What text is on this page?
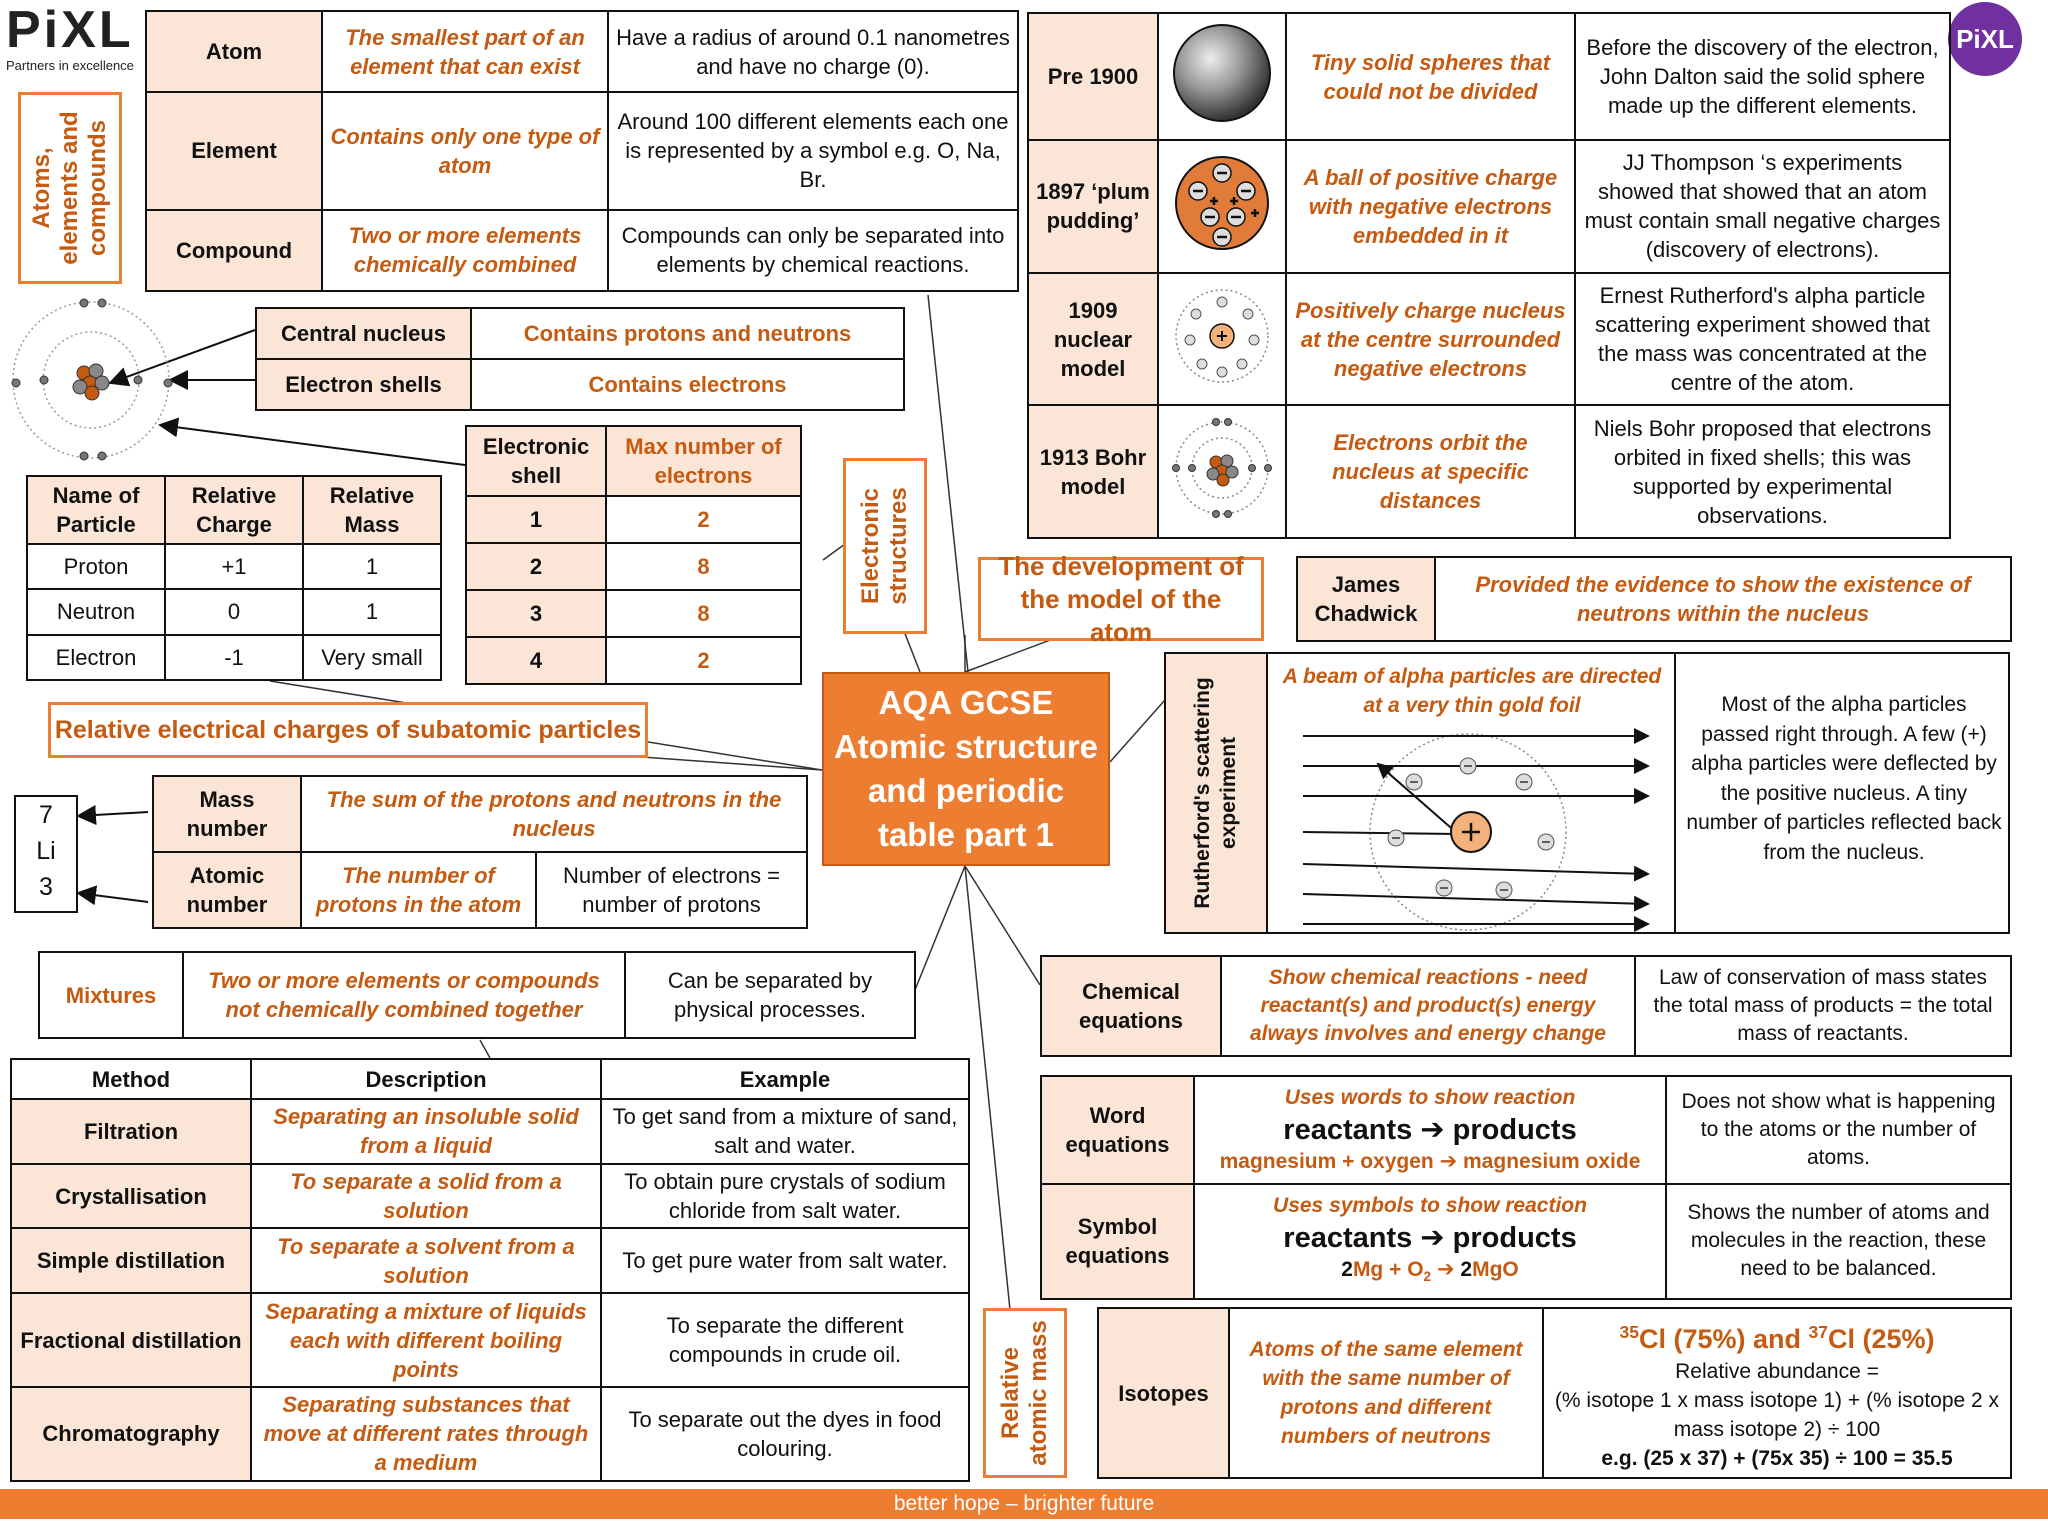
PiXL
Partners in excellence
PiXL
Atoms, elements and compounds
Atom	The smallest part of an element that can exist	Have a radius of around 0.1 nanometres and have no charge (0).
Element	Contains only one type of atom	Around 100 different elements each one is represented by a symbol e.g. O, Na, Br.
Compound	Two or more elements chemically combined	Compounds can only be separated into elements by chemical reactions.
Central nucleus	Contains protons and neutrons
Electron shells	Contains electrons
Name of Particle	Relative Charge	Relative Mass
Proton	+1	1
Neutron	0	1
Electron	-1	Very small
Electronic shell	Max number of electrons
1	2
2	8
3	8
4	2
Electronic structures
Relative electrical charges of subatomic particles
7
Li
3
Mass number	The sum of the protons and neutrons in the nucleus	
Atomic number	The number of protons in the atom	Number of electrons = number of protons
Mixtures	Two or more elements or compounds not chemically combined together	Can be separated by physical processes.
Method	Description	Example
Filtration	Separating an insoluble solid from a liquid	To get sand from a mixture of sand, salt and water.
Crystallisation	To separate a solid from a solution	To obtain pure crystals of sodium chloride from salt water.
Simple distillation	To separate a solvent from a solution	To get pure water from salt water.
Fractional distillation	Separating a mixture of liquids each with different boiling points	To separate the different compounds in crude oil.
Chromatography	Separating substances that move at different rates through a medium	To separate out the dyes in food colouring.
AQA GCSE
Atomic structure
and periodic
table part 1
Pre 1900		Tiny solid spheres that could not be divided	Before the discovery of the electron, John Dalton said the solid sphere made up the different elements.
1897 ‘plum pudding’		A ball of positive charge with negative electrons embedded in it	JJ Thompson ‘s experiments showed that showed that an atom must contain small negative charges (discovery of electrons).
1909 nuclear model		Positively charge nucleus at the centre surrounded negative electrons	Ernest Rutherford's alpha particle scattering experiment showed that the mass was concentrated at the centre of the atom.
1913 Bohr model		Electrons orbit the nucleus at specific distances	Niels Bohr proposed that electrons orbited in fixed shells; this was supported by experimental observations.
The development of the model of the atom
James Chadwick	Provided the evidence to show the existence of neutrons within the nucleus
Rutherford's scattering experiment
A beam of alpha particles are directed at a very thin gold foil	Most of the alpha particles passed right through. A few (+) alpha particles were deflected by the positive nucleus. A tiny number of particles reflected back from the nucleus.
Chemical equations	Show chemical reactions - need reactant(s) and product(s) energy always involves and energy change	Law of conservation of mass states the total mass of products = the total mass of reactants.
Word equations	Uses words to show reaction
reactants ➔ products
magnesium + oxygen ➔ magnesium oxide	Does not show what is happening to the atoms or the number of atoms.
Symbol equations	Uses symbols to show reaction
reactants ➔ products
$2Mg + O_2$ ➔ 2MgO	Shows the number of atoms and molecules in the reaction, these need to be balanced.
Relative atomic mass	Isotopes	Atoms of the same element with the same number of protons and different numbers of neutrons	
$^{35}$Cl (75%) and $^{37}$Cl (25%)
Relative abundance =
(% isotope 1 x mass isotope 1) + (% isotope 2 x mass isotope 2) ÷ 100
e.g. (25 x 37) + (75x 35) ÷ 100 = 35.5
better hope – brighter future
